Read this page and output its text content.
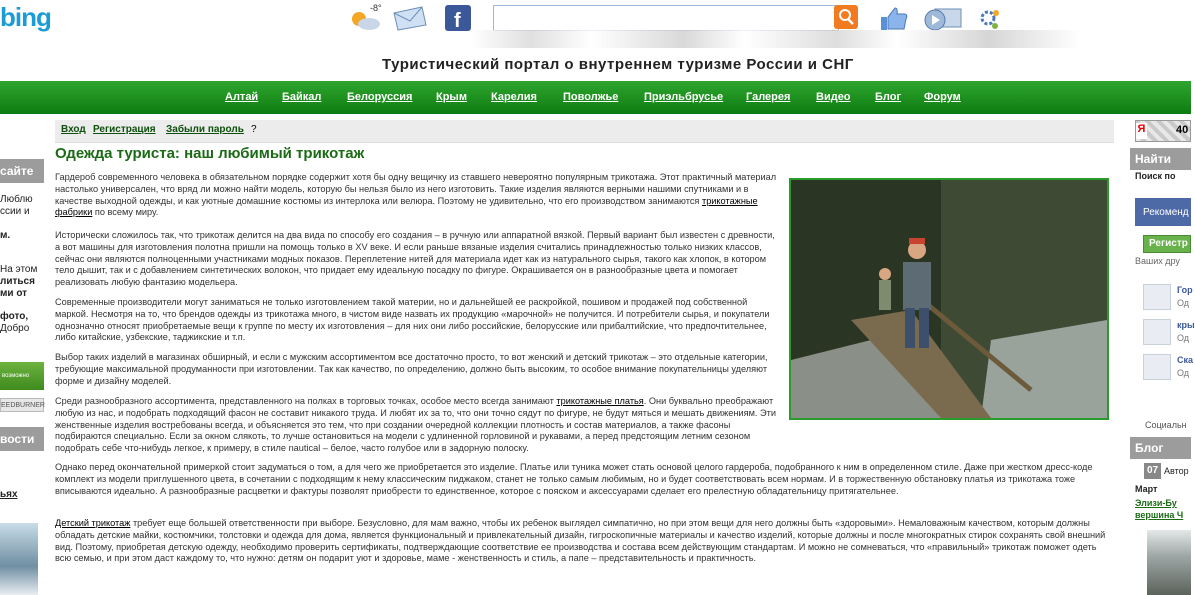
bing	-8°
f
Туристический портал о внутреннем туризме России и СНГ
Алтай Байкал Белоруссия Крым Карелия Поволжье Приэльбрусье Галерея Видео Блог Форум
сайте
Люблю
ссии и
м.
На этом
литься
ми от
фото,
Добро
возможно
EEDBURNER
вости
ьях
Вход Регистрация Забыли пароль ?
Одежда туриста: наш любимый трикотаж
Гардероб современного человека в обязательном порядке содержит хотя бы одну вещичку из ставшего невероятно популярным трикотажа. Этот практичный материал настолько универсален, что вряд ли можно найти модель, которую бы нельзя было из него изготовить. Такие изделия являются верными нашими спутниками и в качестве выходной одежды, и как уютные домашние костюмы из интерлока или велюра. Поэтому не удивительно, что его производством занимаются трикотажные фабрики по всему миру.
Исторически сложилось так, что трикотаж делится на два вида по способу его создания – в ручную или аппаратной вязкой. Первый вариант был известен с древности, а вот машины для изготовления полотна пришли на помощь только в XV веке. И если раньше вязаные изделия считались принадлежностью только низких классов, сейчас они являются полноценными участниками модных показов. Переплетение нитей для материала идет как из натурального сырья, такого как хлопок, в котором тело дышит, так и с добавлением синтетических волокон, что придает ему идеальную посадку по фигуре. Окрашивается он в разнообразные цвета и помогает реализовать любую фантазию модельера.
Современные производители могут заниматься не только изготовлением такой материи, но и дальнейшей ее раскройкой, пошивом и продажей под собственной маркой. Несмотря на то, что брендов одежды из трикотажа много, в чистом виде назвать их продукцию «марочной» не получится. И потребители сырья, и покупатели однозначно относят приобретаемые вещи к группе по месту их изготовления – для них они либо российские, белорусские или прибалтийские, что предпочтительнее, либо китайские, узбекские, таджикские и т.п.
Выбор таких изделий в магазинах обширный, и если с мужским ассортиментом все достаточно просто, то вот женский и детский трикотаж – это отдельные категории, требующие максимальной продуманности при изготовлении. Так как качество, по определению, должно быть высоким, то особое внимание покупательницы уделяют форме и дизайну моделей.
Среди разнообразного ассортимента, представленного на полках в торговых точках, особое место всегда занимают трикотажные платья. Они буквально преображают любую из нас, и подобрать подходящий фасон не составит никакого труда. И любят их за то, что они точно сядут по фигуре, не будут мяться и мешать движениям. Эти женственные изделия востребованы всегда, и объясняется это тем, что при создании очередной коллекции плотность и состав материалов, а также фасоны подбираются специально. Если за окном слякоть, то лучше остановиться на модели с удлиненной горловиной и рукавами, а перед предстоящим летним сезоном подобрать себе что-нибудь легкое, к примеру, в стиле nautical – белое, часто голубое или в задорную полоску.
Однако перед окончательной примеркой стоит задуматься о том, а для чего же приобретается это изделие. Платье или туника может стать основой целого гардероба, подобранного к ним в определенном стиле. Даже при жестком дресс-коде комплект из модели приглушенного цвета, в сочетании с подходящим к нему классическим пиджаком, станет не только самым любимым, но и будет соответствовать всем нормам. И в торжественную обстановку платья из трикотажа тоже вписываются идеально. А разнообразные расцветки и фактуры позволят приобрести то единственное, которое с пояском и аксессуарами сделает его прелестную обладательницу притягательнее.
Детский трикотаж требует еще большей ответственности при выборе. Безусловно, для мам важно, чтобы их ребенок выглядел симпатично, но при этом вещи для него должны быть «здоровыми». Немаловажным качеством, которым должны обладать детские майки, костюмчики, толстовки и одежда для дома, является функциональный и привлекательный дизайн, гигроскопичные материалы и качество изделий, которые должны и после многократных стирок сохранять свой внешний вид. Поэтому, приобретая детскую одежду, необходимо проверить сертификаты, подтверждающие соответствие ее производства и состава всем действующим стандартам. И можно не сомневаться, что «правильный» трикотаж поможет одеть всю семью, и при этом даст каждому то, что нужно: детям он подарит уют и здоровье, маме - женственность и стиль, а папе – представительность и практичность.
Я	40
Найти
Поиск по
Рекоменд
Регистр
Ваших дру
Гор
Од
кры
Од
Ска
Од
Социальн
Блог
07 Автор
Март
Элизи-Бу
вершина Ч
